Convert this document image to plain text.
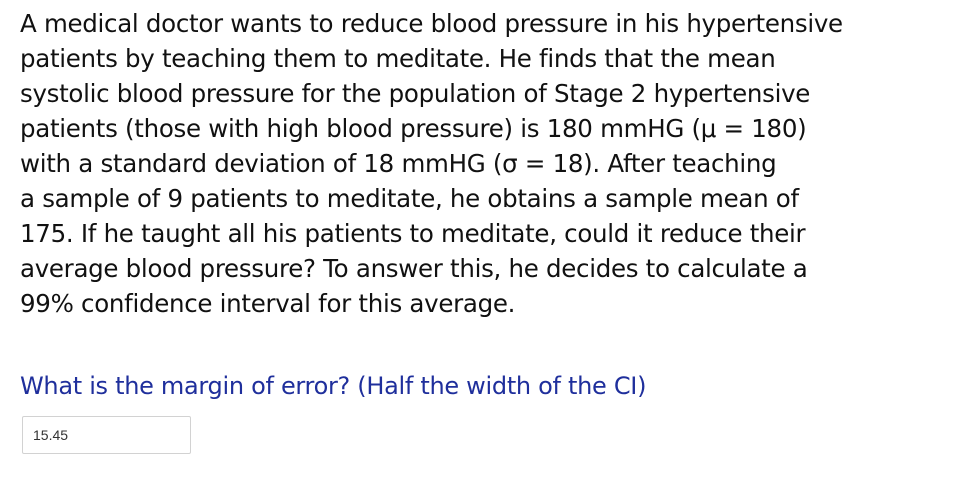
A medical doctor wants to reduce blood pressure in his hypertensive
patients by teaching them to meditate. He finds that the mean
systolic blood pressure for the population of Stage 2 hypertensive
patients (those with high blood pressure) is 180 mmHG (μ = 180)
with a standard deviation of 18 mmHG (σ = 18). After teaching
a sample of 9 patients to meditate, he obtains a sample mean of
175. If he taught all his patients to meditate, could it reduce their
average blood pressure? To answer this, he decides to calculate a
99% confidence interval for this average.
What is the margin of error? (Half the width of the CI)
15.45
